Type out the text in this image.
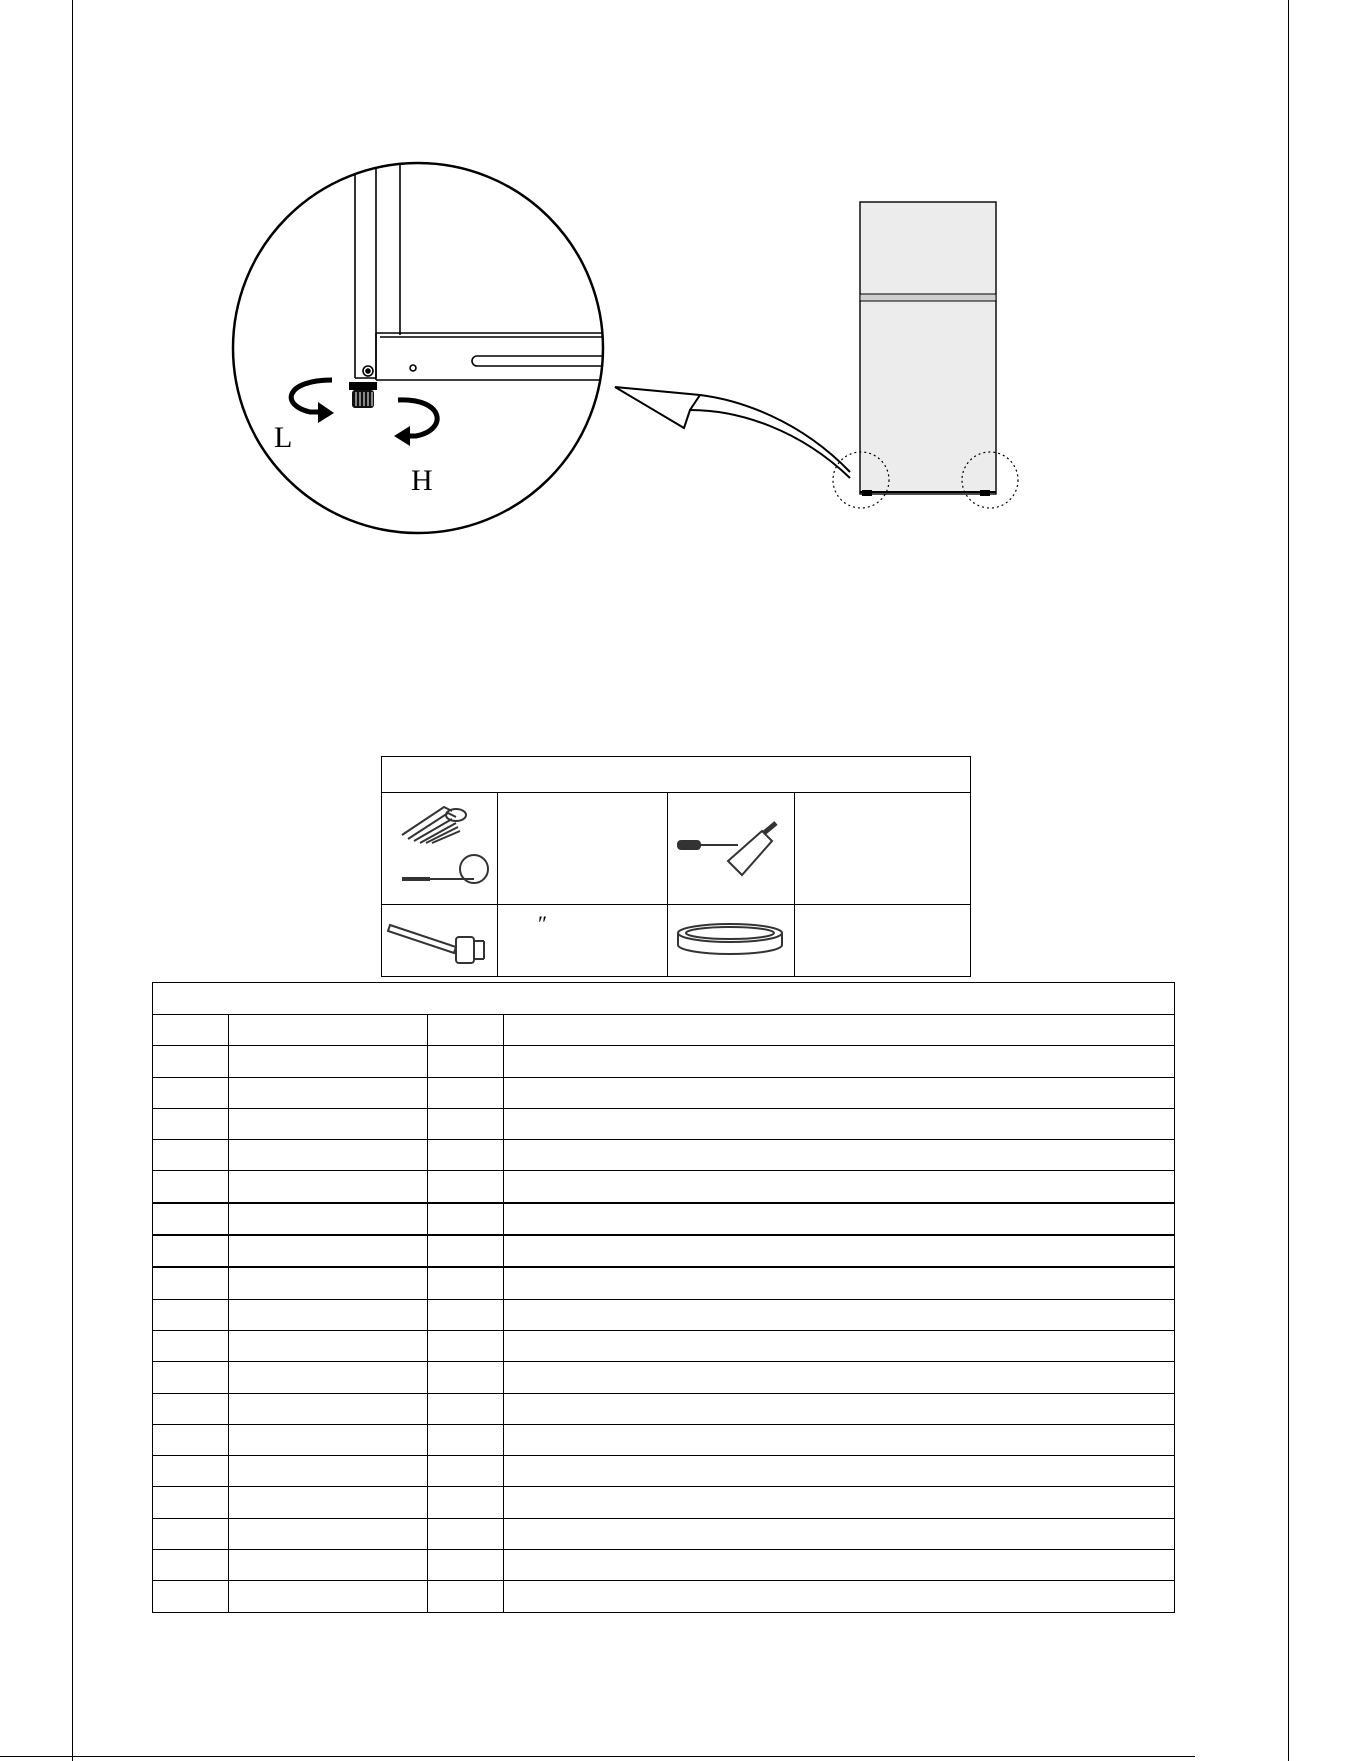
L
H

	″		
